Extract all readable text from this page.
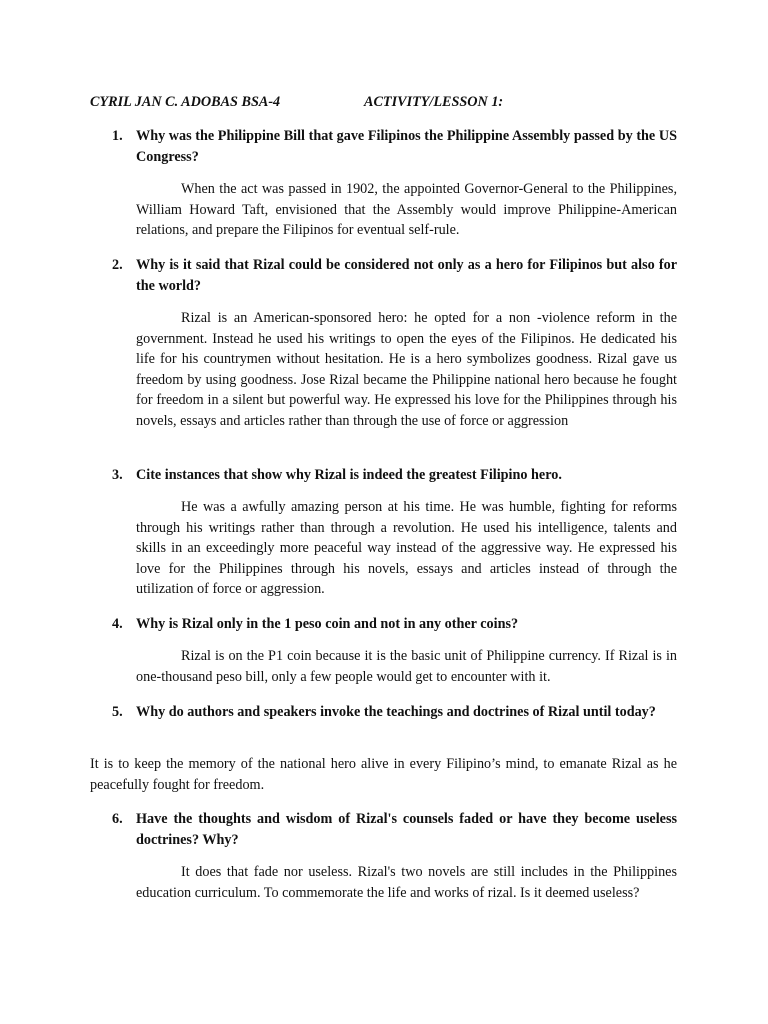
CYRIL JAN C. ADOBAS BSA-4	ACTIVITY/LESSON 1:
1. Why was the Philippine Bill that gave Filipinos the Philippine Assembly passed by the US Congress?
When the act was passed in 1902, the appointed Governor-General to the Philippines, William Howard Taft, envisioned that the Assembly would improve Philippine-American relations, and prepare the Filipinos for eventual self-rule.
2. Why is it said that Rizal could be considered not only as a hero for Filipinos but also for the world?
Rizal is an American-sponsored hero: he opted for a non -violence reform in the government. Instead he used his writings to open the eyes of the Filipinos. He dedicated his life for his countrymen without hesitation. He is a hero symbolizes goodness. Rizal gave us freedom by using goodness. Jose Rizal became the Philippine national hero because he fought for freedom in a silent but powerful way. He expressed his love for the Philippines through his novels, essays and articles rather than through the use of force or aggression
3. Cite instances that show why Rizal is indeed the greatest Filipino hero.
He was a awfully amazing person at his time. He was humble, fighting for reforms through his writings rather than through a revolution. He used his intelligence, talents and skills in an exceedingly more peaceful way instead of the aggressive way. He expressed his love for the Philippines through his novels, essays and articles instead of through the utilization of force or aggression.
4. Why is Rizal only in the 1 peso coin and not in any other coins?
Rizal is on the P1 coin because it is the basic unit of Philippine currency. If Rizal is in one-thousand peso bill, only a few people would get to encounter with it.
5. Why do authors and speakers invoke the teachings and doctrines of Rizal until today?
It is to keep the memory of the national hero alive in every Filipino’s mind, to emanate Rizal as he peacefully fought for freedom.
6. Have the thoughts and wisdom of Rizal's counsels faded or have they become useless doctrines? Why?
It does that fade nor useless. Rizal's two novels are still includes in the Philippines education curriculum. To commemorate the life and works of rizal. Is it deemed useless?
